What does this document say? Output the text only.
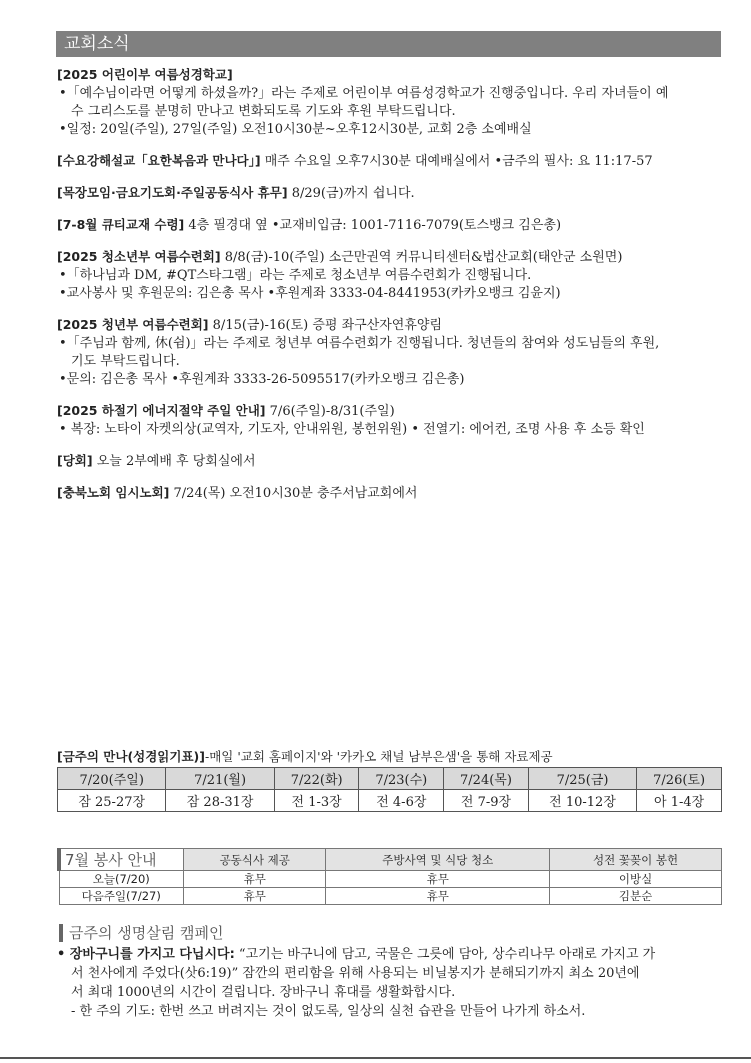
교회소식
[2025 어린이부 여름성경학교]
•「예수님이라면 어떻게 하셨을까?」라는 주제로 어린이부 여름성경학교가 진행중입니다. 우리 자녀들이 예
수 그리스도를 분명히 만나고 변화되도록 기도와 후원 부탁드립니다.
•일정: 20일(주일), 27일(주일) 오전10시30분~오후12시30분, 교회 2층 소예배실
[수요강해설교「요한복음과 만나다」] 매주 수요일 오후7시30분 대예배실에서 •금주의 필사: 요 11:17-57
[목장모임·금요기도회·주일공동식사 휴무] 8/29(금)까지 쉽니다.
[7-8월 큐티교재 수령] 4층 필경대 옆 •교재비입금: 1001-7116-7079(토스뱅크 김은총)
[2025 청소년부 여름수련회] 8/8(금)-10(주일) 소근만권역 커뮤니티센터&법산교회(태안군 소원면)
•「하나님과 DM, #QT스타그램」라는 주제로 청소년부 여름수련회가 진행됩니다.
•교사봉사 및 후원문의: 김은총 목사 •후원계좌 3333-04-8441953(카카오뱅크 김윤지)
[2025 청년부 여름수련회] 8/15(금)-16(토) 증평 좌구산자연휴양림
•「주님과 함께, 休(쉼)」라는 주제로 청년부 여름수련회가 진행됩니다. 청년들의 참여와 성도님들의 후원,
기도 부탁드립니다.
•문의: 김은총 목사 •후원계좌 3333-26-5095517(카카오뱅크 김은총)
[2025 하절기 에너지절약 주일 안내] 7/6(주일)-8/31(주일)
• 복장: 노타이 자켓의상(교역자, 기도자, 안내위원, 봉헌위원) • 전열기: 에어컨, 조명 사용 후 소등 확인
[당회] 오늘 2부예배 후 당회실에서
[충북노회 임시노회] 7/24(목) 오전10시30분 충주서남교회에서
[금주의 만나(성경읽기표)]-매일 '교회 홈페이지'와 '카카오 채널 남부은샘'을 통해 자료제공
7/20(주일)	7/21(월)	7/22(화)	7/23(수)	7/24(목)	7/25(금)	7/26(토)
잠 25-27장	잠 28-31장	전 1-3장	전 4-6장	전 7-9장	전 10-12장	아 1-4장
7월 봉사 안내	공동식사 제공	주방사역 및 식당 청소	성전 꽃꽂이 봉헌
오늘(7/20)	휴무	휴무	이방실
다음주일(7/27)	휴무	휴무	김분순
금주의 생명살림 캠페인
• 장바구니를 가지고 다닙시다: “고기는 바구니에 담고, 국물은 그릇에 담아, 상수리나무 아래로 가지고 가
서 천사에게 주었다(삿6:19)” 잠깐의 편리함을 위해 사용되는 비닐봉지가 분해되기까지 최소 20년에
서 최대 1000년의 시간이 걸립니다. 장바구니 휴대를 생활화합시다.
- 한 주의 기도: 한번 쓰고 버려지는 것이 없도록, 일상의 실천 습관을 만들어 나가게 하소서.
